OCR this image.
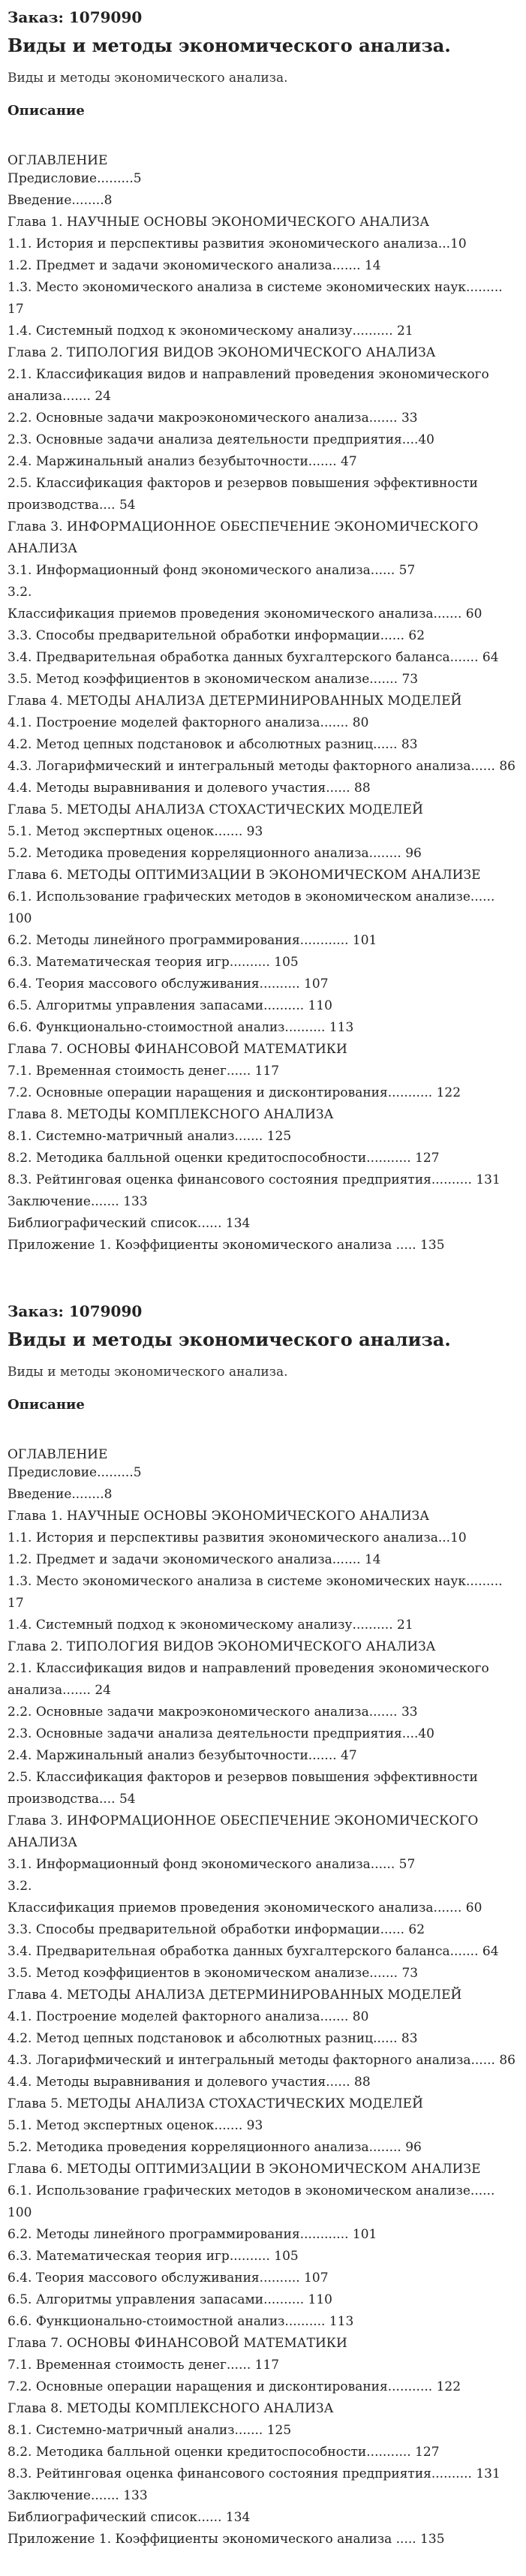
Заказ: 1079090

Виды и методы экономического анализа.

Виды и методы экономического анализа.

Описание

ОГЛАВЛЕНИЕ

Предисловие.........5
Введение........8
Глава 1. НАУЧНЫЕ ОСНОВЫ ЭКОНОМИЧЕСКОГО АНАЛИЗА
1.1. История и перспективы развития экономического анализа...10
1.2. Предмет и задачи экономического анализа....... 14
1.3. Место экономического анализа в системе экономических наук......... 17
1.4. Системный подход к экономическому анализу.......... 21
Глава 2. ТИПОЛОГИЯ ВИДОВ ЭКОНОМИЧЕСКОГО АНАЛИЗА
2.1. Классификация видов и направлений проведения экономического анализа....... 24
2.2. Основные задачи макроэкономического анализа....... 33
2.3. Основные задачи анализа деятельности предприятия....40
2.4. Маржинальный анализ безубыточности....... 47
2.5. Классификация факторов и резервов повышения эффективности производства.... 54
Глава 3. ИНФОРМАЦИОННОЕ ОБЕСПЕЧЕНИЕ ЭКОНОМИЧЕСКОГО АНАЛИЗА
3.1. Информационный фонд экономического анализа...... 57
3.2.
Классификация приемов проведения экономического анализа....... 60
3.3. Способы предварительной обработки информации...... 62
3.4. Предварительная обработка данных бухгалтерского баланса....... 64
3.5. Метод коэффициентов в экономическом анализе....... 73
Глава 4. МЕТОДЫ АНАЛИЗА ДЕТЕРМИНИРОВАННЫХ МОДЕЛЕЙ
4.1. Построение моделей факторного анализа....... 80
4.2. Метод цепных подстановок и абсолютных разниц...... 83
4.3. Логарифмический и интегральный методы факторного анализа...... 86
4.4. Методы выравнивания и долевого участия...... 88
Глава 5. МЕТОДЫ АНАЛИЗА СТОХАСТИЧЕСКИХ МОДЕЛЕЙ
5.1. Метод экспертных оценок....... 93
5.2. Методика проведения корреляционного анализа........ 96
Глава 6. МЕТОДЫ ОПТИМИЗАЦИИ В ЭКОНОМИЧЕСКОМ АНАЛИЗЕ
6.1. Использование графических методов в экономическом анализе...... 100
6.2. Методы линейного программирования............ 101
6.3. Математическая теория игр.......... 105
6.4. Теория массового обслуживания.......... 107
6.5. Алгоритмы управления запасами.......... 110
6.6. Функционально-стоимостной анализ.......... 113
Глава 7. ОСНОВЫ ФИНАНСОВОЙ МАТЕМАТИКИ
7.1. Временная стоимость денег...... 117
7.2. Основные операции наращения и дисконтирования........... 122
Глава 8. МЕТОДЫ КОМПЛЕКСНОГО АНАЛИЗА
8.1. Системно-матричный анализ....... 125
8.2. Методика балльной оценки кредитоспособности........... 127
8.3. Рейтинговая оценка финансового состояния предприятия.......... 131
Заключение....... 133
Библиографический список...... 134
Приложение 1. Коэффициенты экономического анализа ..... 135

Заказ: 1079090

Виды и методы экономического анализа.

Виды и методы экономического анализа.

Описание

ОГЛАВЛЕНИЕ

Предисловие.........5
Введение........8
Глава 1. НАУЧНЫЕ ОСНОВЫ ЭКОНОМИЧЕСКОГО АНАЛИЗА
1.1. История и перспективы развития экономического анализа...10
1.2. Предмет и задачи экономического анализа....... 14
1.3. Место экономического анализа в системе экономических наук......... 17
1.4. Системный подход к экономическому анализу.......... 21
Глава 2. ТИПОЛОГИЯ ВИДОВ ЭКОНОМИЧЕСКОГО АНАЛИЗА
2.1. Классификация видов и направлений проведения экономического анализа....... 24
2.2. Основные задачи макроэкономического анализа....... 33
2.3. Основные задачи анализа деятельности предприятия....40
2.4. Маржинальный анализ безубыточности....... 47
2.5. Классификация факторов и резервов повышения эффективности производства.... 54
Глава 3. ИНФОРМАЦИОННОЕ ОБЕСПЕЧЕНИЕ ЭКОНОМИЧЕСКОГО АНАЛИЗА
3.1. Информационный фонд экономического анализа...... 57
3.2.
Классификация приемов проведения экономического анализа....... 60
3.3. Способы предварительной обработки информации...... 62
3.4. Предварительная обработка данных бухгалтерского баланса....... 64
3.5. Метод коэффициентов в экономическом анализе....... 73
Глава 4. МЕТОДЫ АНАЛИЗА ДЕТЕРМИНИРОВАННЫХ МОДЕЛЕЙ
4.1. Построение моделей факторного анализа....... 80
4.2. Метод цепных подстановок и абсолютных разниц...... 83
4.3. Логарифмический и интегральный методы факторного анализа...... 86
4.4. Методы выравнивания и долевого участия...... 88
Глава 5. МЕТОДЫ АНАЛИЗА СТОХАСТИЧЕСКИХ МОДЕЛЕЙ
5.1. Метод экспертных оценок....... 93
5.2. Методика проведения корреляционного анализа........ 96
Глава 6. МЕТОДЫ ОПТИМИЗАЦИИ В ЭКОНОМИЧЕСКОМ АНАЛИЗЕ
6.1. Использование графических методов в экономическом анализе...... 100
6.2. Методы линейного программирования............ 101
6.3. Математическая теория игр.......... 105
6.4. Теория массового обслуживания.......... 107
6.5. Алгоритмы управления запасами.......... 110
6.6. Функционально-стоимостной анализ.......... 113
Глава 7. ОСНОВЫ ФИНАНСОВОЙ МАТЕМАТИКИ
7.1. Временная стоимость денег...... 117
7.2. Основные операции наращения и дисконтирования........... 122
Глава 8. МЕТОДЫ КОМПЛЕКСНОГО АНАЛИЗА
8.1. Системно-матричный анализ....... 125
8.2. Методика балльной оценки кредитоспособности........... 127
8.3. Рейтинговая оценка финансового состояния предприятия.......... 131
Заключение....... 133
Библиографический список...... 134
Приложение 1. Коэффициенты экономического анализа ..... 135
